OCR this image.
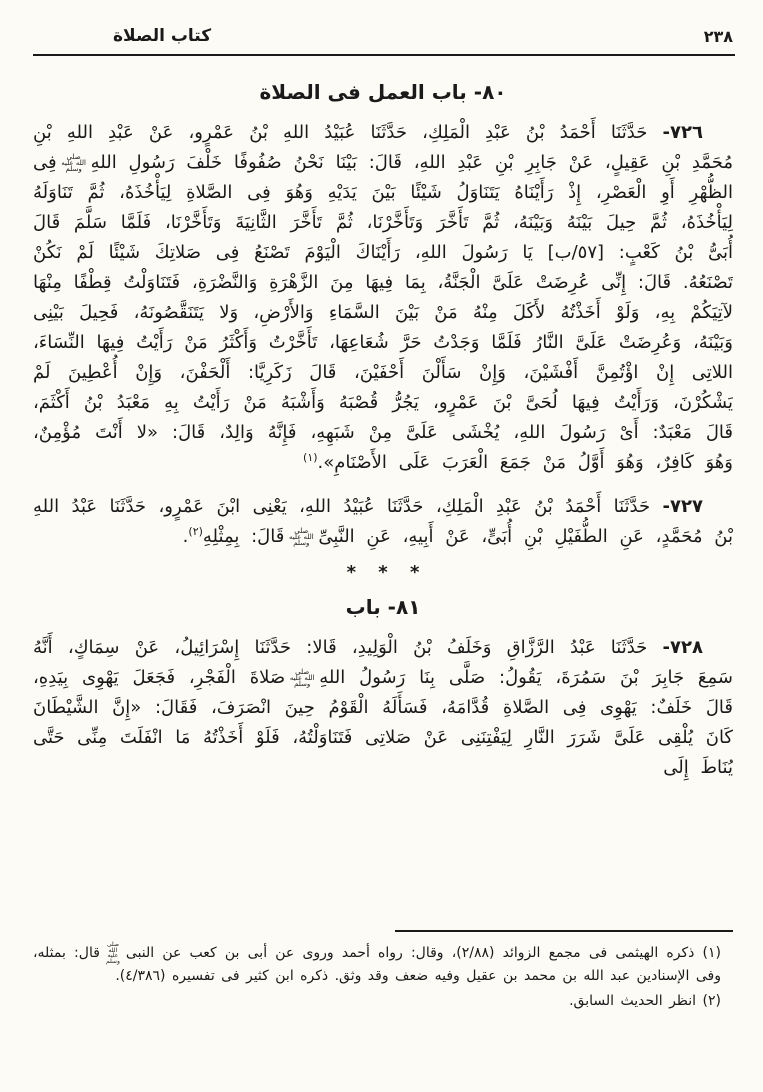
كتاب الصلاة	٢٣٨
٨٠- باب العمل فى الصلاة

٧٢٦- حَدَّثَنَا أَحْمَدُ بْنُ عَبْدِ الْمَلِكِ، حَدَّثَنَا عُبَيْدُ اللهِ بْنُ عَمْرٍو، عَنْ عَبْدِ اللهِ بْنِ مُحَمَّدِ بْنِ عَقِيلٍ، عَنْ جَابِرِ بْنِ عَبْدِ اللهِ، قَالَ: بَيْنَا نَحْنُ صُفُوفًا خَلْفَ رَسُولِ اللهِصلى الله عليه وسلمفِى الظُّهْرِ أَوِ الْعَصْرِ، إِذْ رَأَيْنَاهُ يَتَنَاوَلُ شَيْئًا بَيْنَ يَدَيْهِ وَهُوَ فِى الصَّلاةِ لِيَأْخُذَهُ، ثُمَّ تَنَاوَلَهُ لِيَأْخُذَهُ، ثُمَّ حِيلَ بَيْنَهُ وَبَيْنَهُ، ثُمَّ تَأَخَّرَ وَتَأَخَّرْنَا، ثُمَّ تَأَخَّرَ الثَّانِيَةَ وَتَأَخَّرْنَا، فَلَمَّا سَلَّمَ قَالَ أُبَىُّ بْنُ كَعْبٍ: [٥٧/ب] يَا رَسُولَ اللهِ، رَأَيْنَاكَ الْيَوْمَ تَصْنَعُ فِى صَلاتِكَ شَيْئًا لَمْ نَكُنْ تَصْنَعُهُ. قَالَ: إِنِّى عُرِضَتْ عَلَىَّ الْجَنَّةُ، بِمَا فِيهَا مِنَ الزَّهْرَةِ وَالنَّضْرَةِ، فَتَنَاوَلْتُ قِطْفًا مِنْهَا لآتِيَكُمْ بِهِ، وَلَوْ أَخَذْتُهُ لأَكَلَ مِنْهُ مَنْ بَيْنَ السَّمَاءِ وَالأَرْضِ، وَلا يَتَنَقَّصُونَهُ، فَحِيلَ بَيْنِى وَبَيْنَهُ، وَعُرِضَتْ عَلَىَّ النَّارُ فَلَمَّا وَجَدْتُ حَرَّ شُعَاعِهَا، تَأَخَّرْتُ وَأَكْثَرُ مَنْ رَأَيْتُ فِيهَا النِّسَاءَ، اللاتِى إِنْ اؤْتُمِنَّ أَفْشَيْنَ، وَإِنْ سَأَلْنَ أَحْفَيْنَ، قَالَ زَكَرِيَّا: أَلْحَفْنَ، وَإِنْ أُعْطِينَ لَمْ يَشْكُرْنَ، وَرَأَيْتُ فِيهَا لُحَىَّ بْنَ عَمْرٍو، يَجُرُّ قُصْبَهُ وَأَشْبَهُ مَنْ رَأَيْتُ بِهِ مَعْبَدُ بْنُ أَكْثَمَ، قَالَ مَعْبَدٌ: أَىْ رَسُولَ اللهِ، يُخْشَى عَلَىَّ مِنْ شَبَهِهِ، فَإِنَّهُ وَالِدٌ، قَالَ: «لا أَنْتَ مُؤْمِنٌ، وَهُوَ كَافِرٌ، وَهُوَ أَوَّلُ مَنْ جَمَعَ الْعَرَبَ عَلَى الأَصْنَامِ».$^{(١)}$

٧٢٧- حَدَّثَنَا أَحْمَدُ بْنُ عَبْدِ الْمَلِكِ، حَدَّثَنَا عُبَيْدُ اللهِ، يَعْنِى ابْنَ عَمْرٍو، حَدَّثَنَا عَبْدُ اللهِ بْنُ مُحَمَّدٍ، عَنِ الطُّفَيْلِ بْنِ أُبَىٍّ، عَنْ أَبِيهِ، عَنِ النَّبِىِّصلى الله عليه وسلمقَالَ: بِمِثْلِهِ$^{(٢)}$.

* * *
٨١- باب

٧٢٨- حَدَّثَنَا عَبْدُ الرَّزَّاقِ وَخَلَفُ بْنُ الْوَلِيدِ، قَالا: حَدَّثَنَا إِسْرَائِيلُ، عَنْ سِمَاكٍ، أَنَّهُ سَمِعَ جَابِرَ بْنَ سَمُرَةَ، يَقُولُ: صَلَّى بِنَا رَسُولُ اللهِصلى الله عليه وسلمصَلاةَ الْفَجْرِ، فَجَعَلَ يَهْوِى بِيَدِهِ، قَالَ خَلَفٌ: يَهْوِى فِى الصَّلاةِ قُدَّامَهُ، فَسَأَلَهُ الْقَوْمُ حِينَ انْصَرَفَ، فَقَالَ: «إِنَّ الشَّيْطَانَ كَانَ يُلْقِى عَلَىَّ شَرَرَ النَّارِ لِيَفْتِنَنِى عَنْ صَلاتِى فَتَنَاوَلْتُهُ، فَلَوْ أَخَذْتُهُ مَا انْفَلَتَ مِنِّى حَتَّى يُنَاطَ إِلَى

(١) ذكره الهيثمى فى مجمع الزوائد (٢/٨٨)، وقال: رواه أحمد وروى عن أبى بن كعب عن النبىصلى الله عليه وسلمقال: بمثله، وفى الإسنادين عبد الله بن محمد بن عقيل وفيه ضعف وقد وثق. ذكره ابن كثير فى تفسيره (٤/٣٨٦).

(٢) انظر الحديث السابق.
